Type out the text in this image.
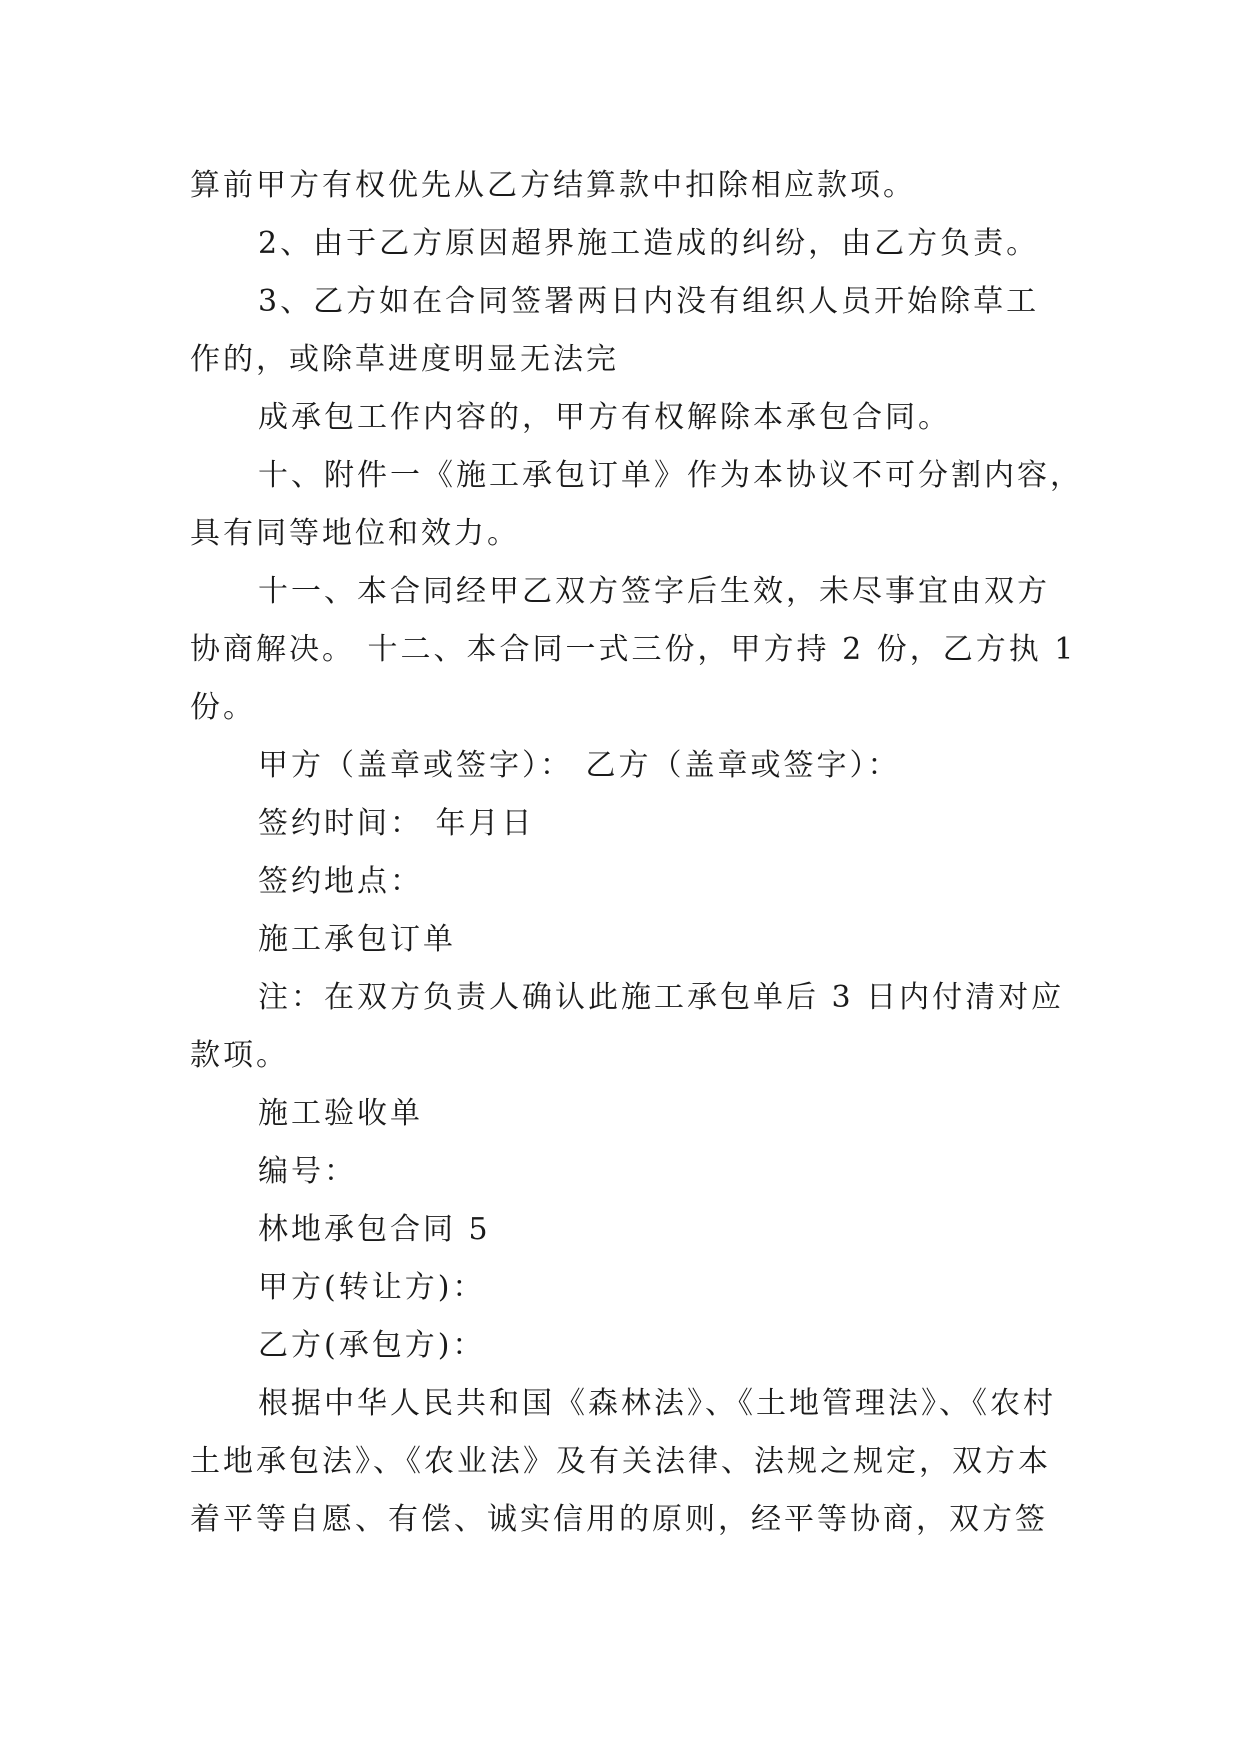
算前甲方有权优先从乙方结算款中扣除相应款项。
2、由于乙方原因超界施工造成的纠纷，由乙方负责。
3、乙方如在合同签署两日内没有组织人员开始除草工
作的，或除草进度明显无法完
成承包工作内容的，甲方有权解除本承包合同。
十、附件一《施工承包订单》作为本协议不可分割内容，
具有同等地位和效力。
十一、本合同经甲乙双方签字后生效，未尽事宜由双方
协商解决。 十二、本合同一式三份，甲方持 2 份，乙方执 1
份。
甲方（盖章或签字）： 乙方（盖章或签字）：
签约时间： 年月日
签约地点：
施工承包订单
注：在双方负责人确认此施工承包单后 3 日内付清对应
款项。
施工验收单
编号：
林地承包合同 5
甲方(转让方)：
乙方(承包方)：
根据中华人民共和国《森林法》、《土地管理法》、《农村
土地承包法》、《农业法》及有关法律、法规之规定，双方本
着平等自愿、有偿、诚实信用的原则，经平等协商，双方签
